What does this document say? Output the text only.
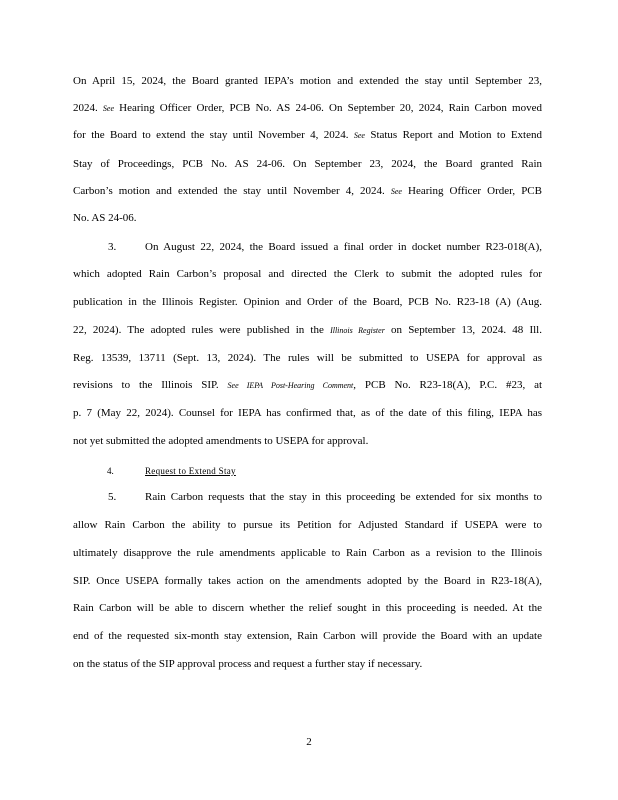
On April 15, 2024, the Board granted IEPA’s motion and extended the stay until September 23,
2024. See Hearing Officer Order, PCB No. AS 24-06. On September 20, 2024, Rain Carbon moved
for the Board to extend the stay until November 4, 2024. See Status Report and Motion to Extend
Stay of Proceedings, PCB No. AS 24-06. On September 23, 2024, the Board granted Rain
Carbon’s motion and extended the stay until November 4, 2024. See Hearing Officer Order, PCB
No. AS 24-06.
3.	On August 22, 2024, the Board issued a final order in docket number R23-018(A),
which adopted Rain Carbon’s proposal and directed the Clerk to submit the adopted rules for
publication in the Illinois Register. Opinion and Order of the Board, PCB No. R23-18 (A) (Aug.
22, 2024). The adopted rules were published in the Illinois Register on September 13, 2024. 48 Ill.
Reg. 13539, 13711 (Sept. 13, 2024). The rules will be submitted to USEPA for approval as
revisions to the Illinois SIP. See IEPA Post-Hearing Comment, PCB No. R23-18(A), P.C. #23, at
p. 7 (May 22, 2024). Counsel for IEPA has confirmed that, as of the date of this filing, IEPA has
not yet submitted the adopted amendments to USEPA for approval.
4.	Request to Extend Stay
5.	Rain Carbon requests that the stay in this proceeding be extended for six months to
allow Rain Carbon the ability to pursue its Petition for Adjusted Standard if USEPA were to
ultimately disapprove the rule amendments applicable to Rain Carbon as a revision to the Illinois
SIP. Once USEPA formally takes action on the amendments adopted by the Board in R23-18(A),
Rain Carbon will be able to discern whether the relief sought in this proceeding is needed. At the
end of the requested six-month stay extension, Rain Carbon will provide the Board with an update
on the status of the SIP approval process and request a further stay if necessary.
2
